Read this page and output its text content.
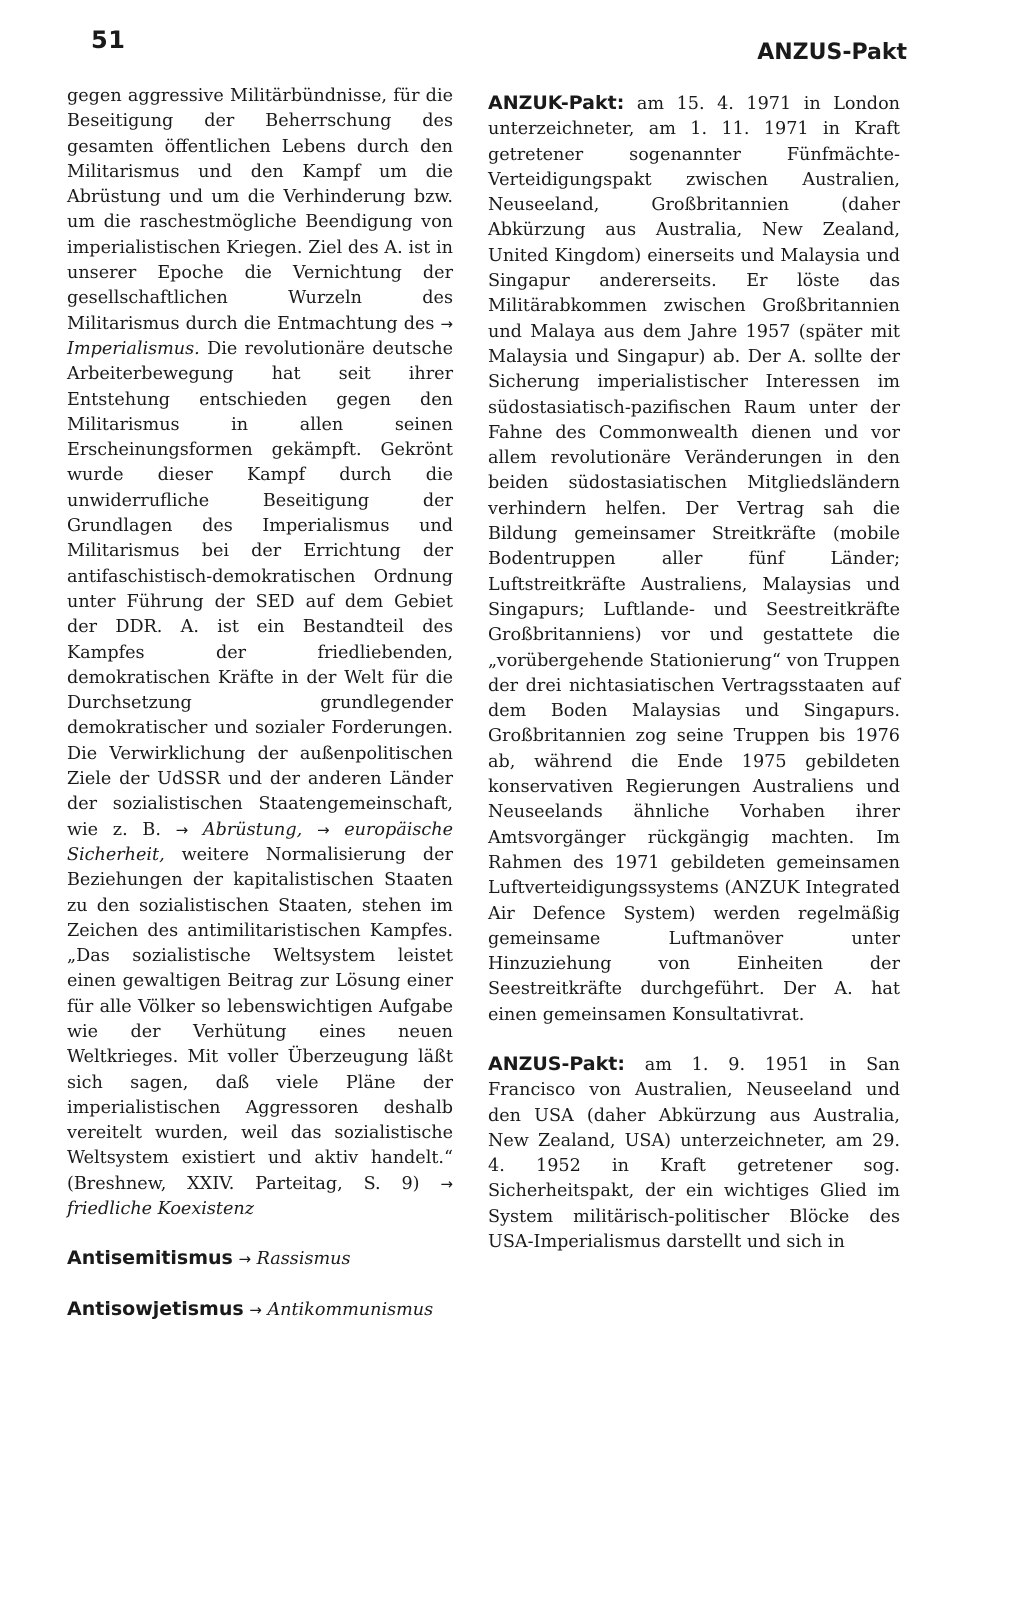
51	ANZUS-Pakt

gegen aggressive Militärbündnisse, für die Beseitigung der Beherrschung des gesamten öffentlichen Lebens durch den Militarismus und den Kampf um die Abrüstung und um die Verhinderung bzw. um die raschestmögliche Beendigung von imperialistischen Kriegen. Ziel des A. ist in unserer Epoche die Vernichtung der gesellschaftlichen Wurzeln des Militarismus durch die Entmachtung des → Imperialismus. Die revolutionäre deutsche Arbeiterbewegung hat seit ihrer Entstehung entschieden gegen den Militarismus in allen seinen Erscheinungsformen gekämpft. Gekrönt wurde dieser Kampf durch die unwiderrufliche Beseitigung der Grundlagen des Imperialismus und Militarismus bei der Errichtung der antifaschistisch-demokratischen Ordnung unter Führung der SED auf dem Gebiet der DDR. A. ist ein Bestandteil des Kampfes der friedliebenden, demokratischen Kräfte in der Welt für die Durchsetzung grundlegender demokratischer und sozialer Forderungen. Die Verwirklichung der außenpolitischen Ziele der UdSSR und der anderen Länder der sozialistischen Staatengemeinschaft, wie z. B. → Abrüstung, → europäische Sicherheit, weitere Normalisierung der Beziehungen der kapitalistischen Staaten zu den sozialistischen Staaten, stehen im Zeichen des antimilitaristischen Kampfes. „Das sozialistische Weltsystem leistet einen gewaltigen Beitrag zur Lösung einer für alle Völker so lebenswichtigen Aufgabe wie der Verhütung eines neuen Weltkrieges. Mit voller Überzeugung läßt sich sagen, daß viele Pläne der imperialistischen Aggressoren deshalb vereitelt wurden, weil das sozialistische Weltsystem existiert und aktiv handelt.“ (Breshnew, XXIV. Parteitag, S. 9) → friedliche Koexistenz

Antisemitismus → Rassismus

Antisowjetismus → Antikommunismus

ANZUK-Pakt: am 15. 4. 1971 in London unterzeichneter, am 1. 11. 1971 in Kraft getretener sogenannter Fünfmächte-Verteidigungspakt zwischen Australien, Neuseeland, Großbritannien (daher Abkürzung aus Australia, New Zealand, United Kingdom) einerseits und Malaysia und Singapur andererseits. Er löste das Militärabkommen zwischen Großbritannien und Malaya aus dem Jahre 1957 (später mit Malaysia und Singapur) ab. Der A. sollte der Sicherung imperialistischer Interessen im südostasiatisch-pazifischen Raum unter der Fahne des Commonwealth dienen und vor allem revolutionäre Veränderungen in den beiden südostasiatischen Mitgliedsländern verhindern helfen. Der Vertrag sah die Bildung gemeinsamer Streitkräfte (mobile Bodentruppen aller fünf Länder; Luftstreitkräfte Australiens, Malaysias und Singapurs; Luftlande- und Seestreitkräfte Großbritanniens) vor und gestattete die „vorübergehende Stationierung“ von Truppen der drei nichtasiatischen Vertragsstaaten auf dem Boden Malaysias und Singapurs. Großbritannien zog seine Truppen bis 1976 ab, während die Ende 1975 gebildeten konservativen Regierungen Australiens und Neuseelands ähnliche Vorhaben ihrer Amtsvorgänger rückgängig machten. Im Rahmen des 1971 gebildeten gemeinsamen Luftverteidigungssystems (ANZUK Integrated Air Defence System) werden regelmäßig gemeinsame Luftmanöver unter Hinzuziehung von Einheiten der Seestreitkräfte durchgeführt. Der A. hat einen gemeinsamen Konsultativrat.

ANZUS-Pakt: am 1. 9. 1951 in San Francisco von Australien, Neuseeland und den USA (daher Abkürzung aus Australia, New Zealand, USA) unterzeichneter, am 29. 4. 1952 in Kraft getretener sog. Sicherheitspakt, der ein wichtiges Glied im System militärisch-politischer Blöcke des USA-Imperialismus darstellt und sich in
